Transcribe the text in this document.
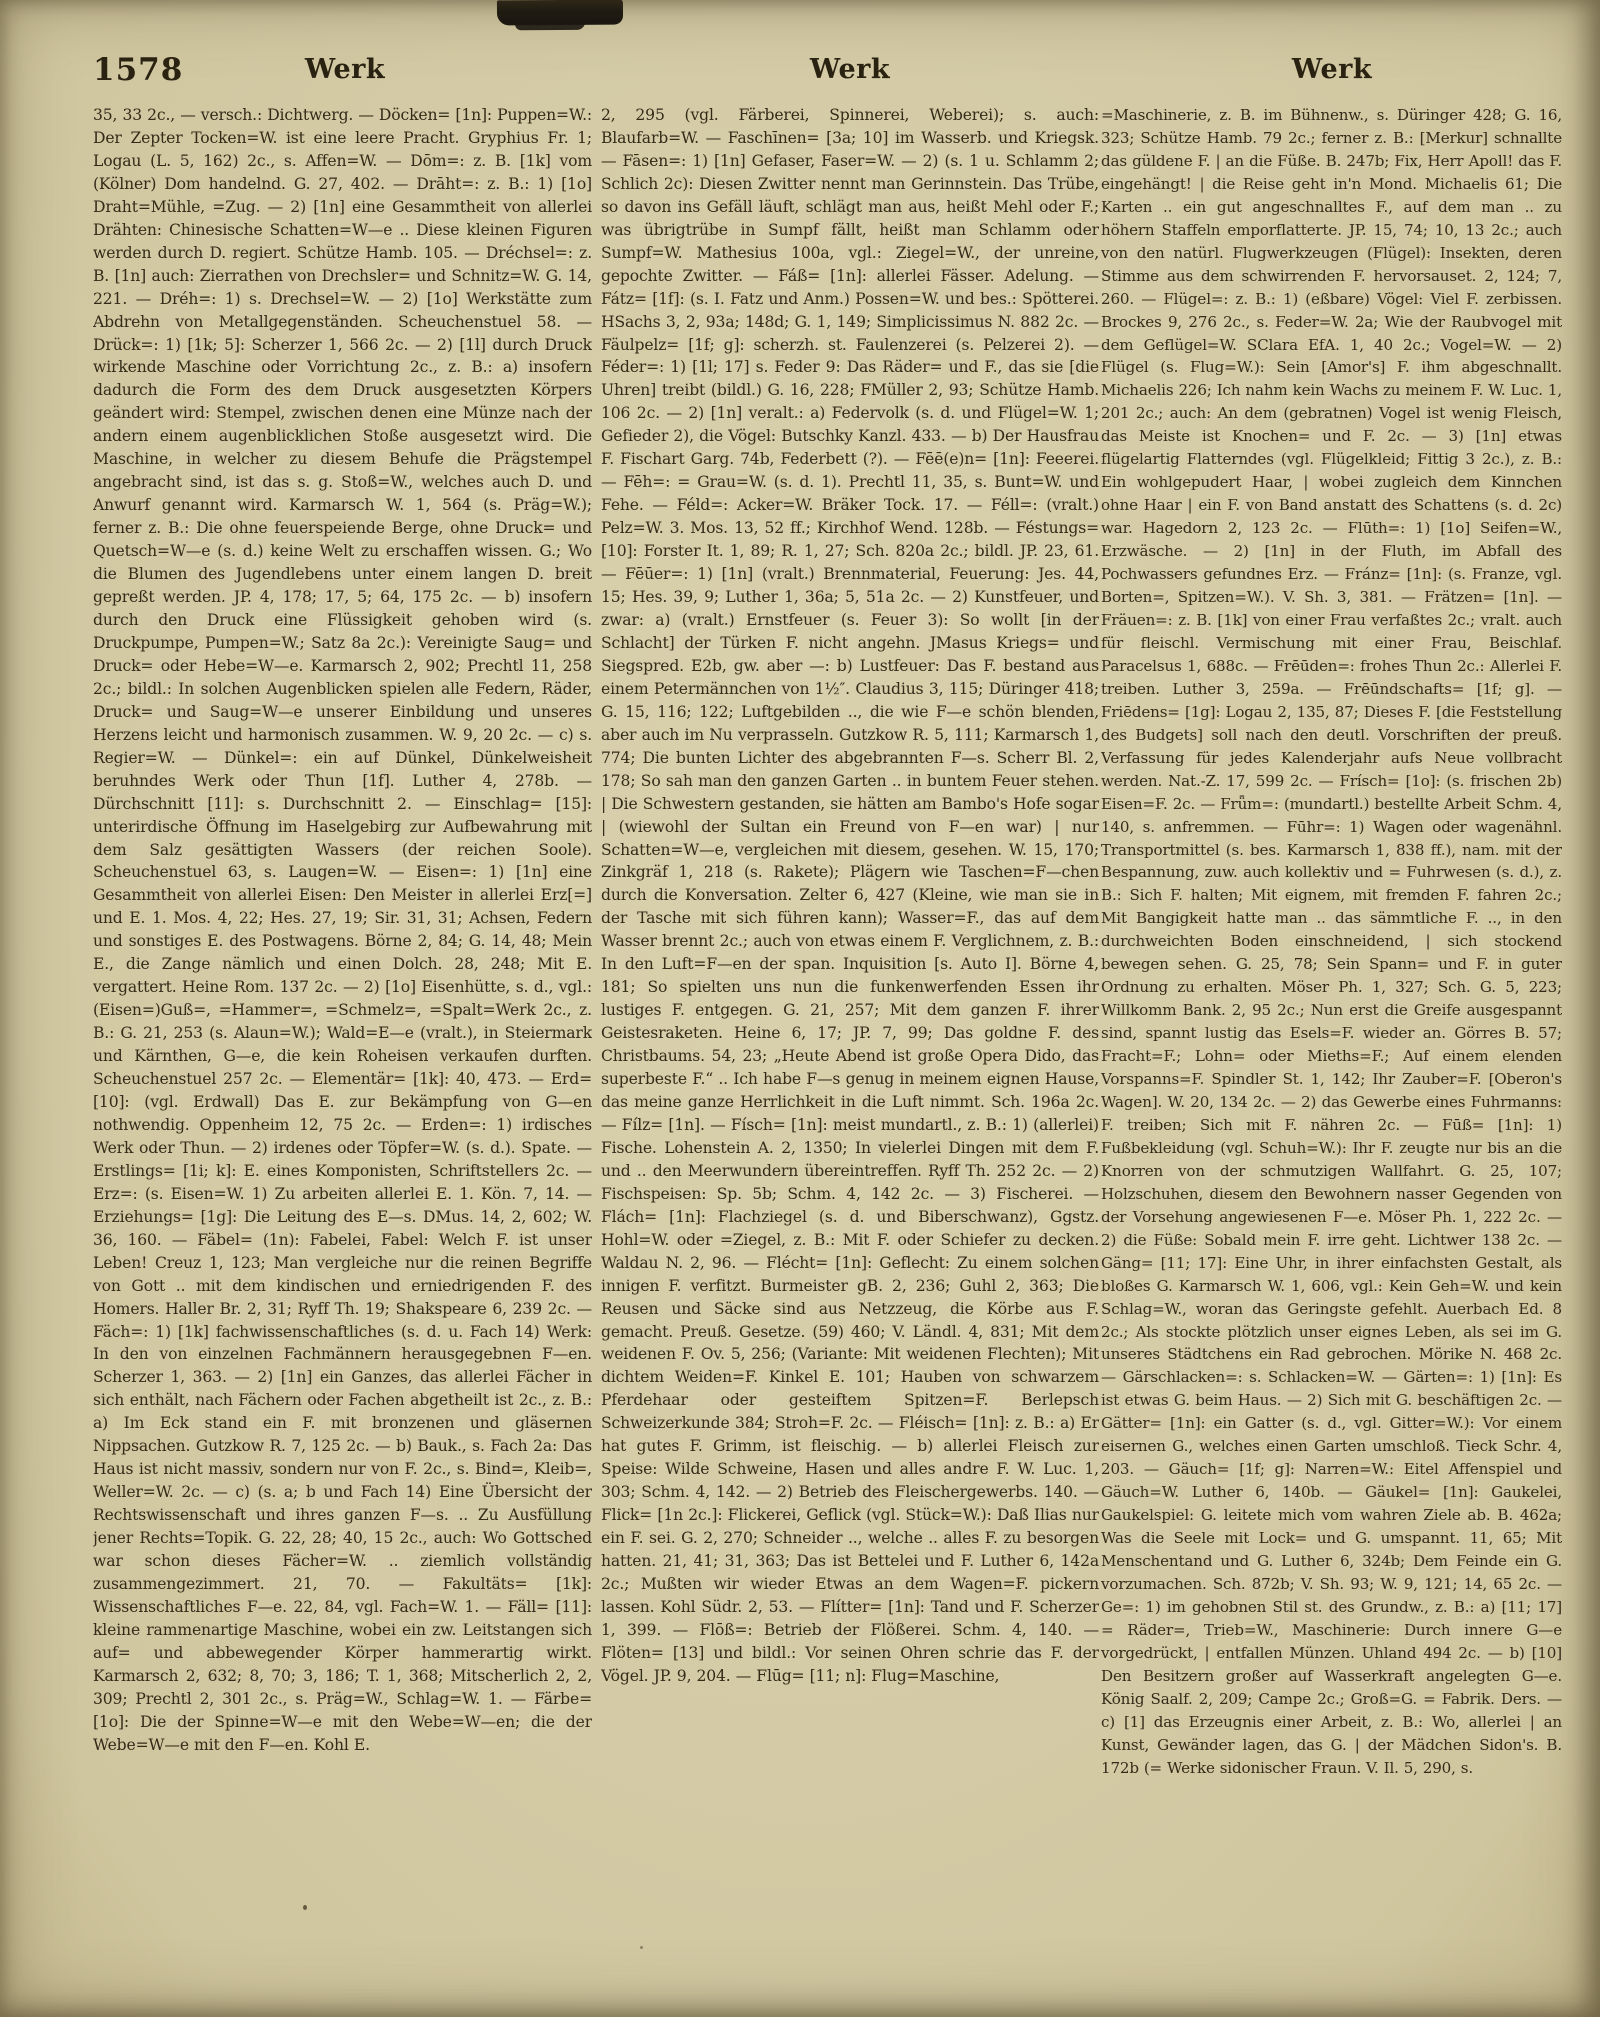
1578	Werk	Werk	Werk
35, 33 2c., — versch.: Dichtwerg. — Döcken= [1n]: Puppen=W.: Der Zepter Tocken=W. ist eine leere Pracht. Gryphius Fr. 1; Logau (L. 5, 162) 2c., s. Affen=W. — Dōm=: z. B. [1k] vom (Kölner) Dom handelnd. G. 27, 402. — Drāht=: z. B.: 1) [1o] Draht=Mühle, =Zug. — 2) [1n] eine Gesammtheit von allerlei Drähten: Chinesische Schatten=W—e .. Diese kleinen Figuren werden durch D. regiert. Schütze Hamb. 105. — Dréchsel=: z. B. [1n] auch: Zierrathen von Drechsler= und Schnitz=W. G. 14, 221. — Dréh=: 1) s. Drechsel=W. — 2) [1o] Werkstätte zum Abdrehn von Metallgegenständen. Scheuchenstuel 58. — Drück=: 1) [1k; 5]: Scherzer 1, 566 2c. — 2) [1l] durch Druck wirkende Maschine oder Vorrichtung 2c., z. B.: a) insofern dadurch die Form des dem Druck ausgesetzten Körpers geändert wird: Stempel, zwischen denen eine Münze nach der andern einem augenblicklichen Stoße ausgesetzt wird. Die Maschine, in welcher zu diesem Behufe die Prägstempel angebracht sind, ist das s. g. Stoß=W., welches auch D. und Anwurf genannt wird. Karmarsch W. 1, 564 (s. Präg=W.); ferner z. B.: Die ohne feuerspeiende Berge, ohne Druck= und Quetsch=W—e (s. d.) keine Welt zu erschaffen wissen. G.; Wo die Blumen des Jugendlebens unter einem langen D. breit gepreßt werden. JP. 4, 178; 17, 5; 64, 175 2c. — b) insofern durch den Druck eine Flüssigkeit gehoben wird (s. Druckpumpe, Pumpen=W.; Satz 8a 2c.): Vereinigte Saug= und Druck= oder Hebe=W—e. Karmarsch 2, 902; Prechtl 11, 258 2c.; bildl.: In solchen Augenblicken spielen alle Federn, Räder, Druck= und Saug=W—e unserer Einbildung und unseres Herzens leicht und harmonisch zusammen. W. 9, 20 2c. — c) s. Regier=W. — Dünkel=: ein auf Dünkel, Dünkelweisheit beruhndes Werk oder Thun [1f]. Luther 4, 278b. — Dürchschnitt [11]: s. Durchschnitt 2. — Einschlag= [15]: unterirdische Öffnung im Haselgebirg zur Aufbewahrung mit dem Salz gesättigten Wassers (der reichen Soole). Scheuchenstuel 63, s. Laugen=W. — Eisen=: 1) [1n] eine Gesammtheit von allerlei Eisen: Den Meister in allerlei Erz[=] und E. 1. Mos. 4, 22; Hes. 27, 19; Sir. 31, 31; Achsen, Federn und sonstiges E. des Postwagens. Börne 2, 84; G. 14, 48; Mein E., die Zange nämlich und einen Dolch. 28, 248; Mit E. vergattert. Heine Rom. 137 2c. — 2) [1o] Eisenhütte, s. d., vgl.: (Eisen=)Guß=, =Hammer=, =Schmelz=, =Spalt=Werk 2c., z. B.: G. 21, 253 (s. Alaun=W.); Wald=E—e (vralt.), in Steiermark und Kärnthen, G—e, die kein Roheisen verkaufen durften. Scheuchenstuel 257 2c. — Elementär= [1k]: 40, 473. — Erd= [10]: (vgl. Erdwall) Das E. zur Bekämpfung von G—en nothwendig. Oppenheim 12, 75 2c. — Erden=: 1) irdisches Werk oder Thun. — 2) irdenes oder Töpfer=W. (s. d.). Spate. — Erstlings= [1i; k]: E. eines Komponisten, Schriftstellers 2c. — Erz=: (s. Eisen=W. 1) Zu arbeiten allerlei E. 1. Kön. 7, 14. — Erziehungs= [1g]: Die Leitung des E—s. DMus. 14, 2, 602; W. 36, 160. — Fäbel= (1n): Fabelei, Fabel: Welch F. ist unser Leben! Creuz 1, 123; Man vergleiche nur die reinen Begriffe von Gott .. mit dem kindischen und erniedrigenden F. des Homers. Haller Br. 2, 31; Ryff Th. 19; Shakspeare 6, 239 2c. — Fäch=: 1) [1k] fachwissenschaftliches (s. d. u. Fach 14) Werk: In den von einzelnen Fachmännern herausgegebnen F—en. Scherzer 1, 363. — 2) [1n] ein Ganzes, das allerlei Fächer in sich enthält, nach Fächern oder Fachen abgetheilt ist 2c., z. B.: a) Im Eck stand ein F. mit bronzenen und gläsernen Nippsachen. Gutzkow R. 7, 125 2c. — b) Bauk., s. Fach 2a: Das Haus ist nicht massiv, sondern nur von F. 2c., s. Bind=, Kleib=, Weller=W. 2c. — c) (s. a; b und Fach 14) Eine Übersicht der Rechtswissenschaft und ihres ganzen F—s. .. Zu Ausfüllung jener Rechts=Topik. G. 22, 28; 40, 15 2c., auch: Wo Gottsched war schon dieses Fächer=W. .. ziemlich vollständig zusammengezimmert. 21, 70. — Fakultäts= [1k]: Wissenschaftliches F—e. 22, 84, vgl. Fach=W. 1. — Fäll= [11]: kleine rammenartige Maschine, wobei ein zw. Leitstangen sich auf= und abbewegender Körper hammerartig wirkt. Karmarsch 2, 632; 8, 70; 3, 186; T. 1, 368; Mitscherlich 2, 2, 309; Prechtl 2, 301 2c., s. Präg=W., Schlag=W. 1. — Färbe= [1o]: Die der Spinne=W—e mit den Webe=W—en; die der Webe=W—e mit den F—en. Kohl E.
2, 295 (vgl. Färberei, Spinnerei, Weberei); s. auch: Blaufarb=W. — Faschīnen= [3a; 10] im Wasserb. und Kriegsk. — Fāsen=: 1) [1n] Gefaser, Faser=W. — 2) (s. 1 u. Schlamm 2; Schlich 2c): Diesen Zwitter nennt man Gerinnstein. Das Trübe, so davon ins Gefäll läuft, schlägt man aus, heißt Mehl oder F.; was übrigtrübe in Sumpf fällt, heißt man Schlamm oder Sumpf=W. Mathesius 100a, vgl.: Ziegel=W., der unreine, gepochte Zwitter. — Fáß= [1n]: allerlei Fässer. Adelung. — Fátz= [1f]: (s. I. Fatz und Anm.) Possen=W. und bes.: Spötterei. HSachs 3, 2, 93a; 148d; G. 1, 149; Simplicissimus N. 882 2c. — Fäulpelz= [1f; g]: scherzh. st. Faulenzerei (s. Pelzerei 2). — Féder=: 1) [1l; 17] s. Feder 9: Das Räder= und F., das sie [die Uhren] treibt (bildl.) G. 16, 228; FMüller 2, 93; Schütze Hamb. 106 2c. — 2) [1n] veralt.: a) Federvolk (s. d. und Flügel=W. 1; Gefieder 2), die Vögel: Butschky Kanzl. 433. — b) Der Hausfrau F. Fischart Garg. 74b, Federbett (?). — Fēē(e)n= [1n]: Feeerei. — Fēh=: = Grau=W. (s. d. 1). Prechtl 11, 35, s. Bunt=W. und Fehe. — Féld=: Acker=W. Bräker Tock. 17. — Féll=: (vralt.) Pelz=W. 3. Mos. 13, 52 ff.; Kirchhof Wend. 128b. — Féstungs= [10]: Forster It. 1, 89; R. 1, 27; Sch. 820a 2c.; bildl. JP. 23, 61. — Fēūer=: 1) [1n] (vralt.) Brennmaterial, Feuerung: Jes. 44, 15; Hes. 39, 9; Luther 1, 36a; 5, 51a 2c. — 2) Kunstfeuer, und zwar: a) (vralt.) Ernstfeuer (s. Feuer 3): So wollt [in der Schlacht] der Türken F. nicht angehn. JMasus Kriegs= und Siegspred. E2b, gw. aber —: b) Lustfeuer: Das F. bestand aus einem Petermännchen von 1½″. Claudius 3, 115; Düringer 418; G. 15, 116; 122; Luftgebilden .., die wie F—e schön blenden, aber auch im Nu verprasseln. Gutzkow R. 5, 111; Karmarsch 1, 774; Die bunten Lichter des abgebrannten F—s. Scherr Bl. 2, 178; So sah man den ganzen Garten .. in buntem Feuer stehen. | Die Schwestern gestanden, sie hätten am Bambo's Hofe sogar | (wiewohl der Sultan ein Freund von F—en war) | nur Schatten=W—e, vergleichen mit diesem, gesehen. W. 15, 170; Zinkgräf 1, 218 (s. Rakete); Plägern wie Taschen=F—chen durch die Konversation. Zelter 6, 427 (Kleine, wie man sie in der Tasche mit sich führen kann); Wasser=F., das auf dem Wasser brennt 2c.; auch von etwas einem F. Verglichnem, z. B.: In den Luft=F—en der span. Inquisition [s. Auto I]. Börne 4, 181; So spielten uns nun die funkenwerfenden Essen ihr lustiges F. entgegen. G. 21, 257; Mit dem ganzen F. ihrer Geistesraketen. Heine 6, 17; JP. 7, 99; Das goldne F. des Christbaums. 54, 23; „Heute Abend ist große Opera Dido, das superbeste F.“ .. Ich habe F—s genug in meinem eignen Hause, das meine ganze Herrlichkeit in die Luft nimmt. Sch. 196a 2c. — Fílz= [1n]. — Físch= [1n]: meist mundartl., z. B.: 1) (allerlei) Fische. Lohenstein A. 2, 1350; In vielerlei Dingen mit dem F. und .. den Meerwundern übereintreffen. Ryff Th. 252 2c. — 2) Fischspeisen: Sp. 5b; Schm. 4, 142 2c. — 3) Fischerei. — Flách= [1n]: Flachziegel (s. d. und Biberschwanz), Ggstz. Hohl=W. oder =Ziegel, z. B.: Mit F. oder Schiefer zu decken. Waldau N. 2, 96. — Flécht= [1n]: Geflecht: Zu einem solchen innigen F. verfitzt. Burmeister gB. 2, 236; Guhl 2, 363; Die Reusen und Säcke sind aus Netzzeug, die Körbe aus F. gemacht. Preuß. Gesetze. (59) 460; V. Ländl. 4, 831; Mit dem weidenen F. Ov. 5, 256; (Variante: Mit weidenen Flechten); Mit dichtem Weiden=F. Kinkel E. 101; Hauben von schwarzem Pferdehaar oder gesteiftem Spitzen=F. Berlepsch Schweizerkunde 384; Stroh=F. 2c. — Fléisch= [1n]: z. B.: a) Er hat gutes F. Grimm, ist fleischig. — b) allerlei Fleisch zur Speise: Wilde Schweine, Hasen und alles andre F. W. Luc. 1, 303; Schm. 4, 142. — 2) Betrieb des Fleischergewerbs. 140. — Flick= [1n 2c.]: Flickerei, Geflick (vgl. Stück=W.): Daß Ilias nur ein F. sei. G. 2, 270; Schneider .., welche .. alles F. zu besorgen hatten. 21, 41; 31, 363; Das ist Bettelei und F. Luther 6, 142a 2c.; Mußten wir wieder Etwas an dem Wagen=F. pickern lassen. Kohl Südr. 2, 53. — Flítter= [1n]: Tand und F. Scherzer 1, 399. — Flōß=: Betrieb der Flößerei. Schm. 4, 140. — Flöten= [13] und bildl.: Vor seinen Ohren schrie das F. der Vögel. JP. 9, 204. — Flūg= [11; n]: Flug=Maschine,
=Maschinerie, z. B. im Bühnenw., s. Düringer 428; G. 16, 323; Schütze Hamb. 79 2c.; ferner z. B.: [Merkur] schnallte das güldene F. | an die Füße. B. 247b; Fix, Herr Apoll! das F. eingehängt! | die Reise geht in'n Mond. Michaelis 61; Die Karten .. ein gut angeschnalltes F., auf dem man .. zu höhern Staffeln emporflatterte. JP. 15, 74; 10, 13 2c.; auch von den natürl. Flugwerkzeugen (Flügel): Insekten, deren Stimme aus dem schwirrenden F. hervorsauset. 2, 124; 7, 260. — Flügel=: z. B.: 1) (eßbare) Vögel: Viel F. zerbissen. Brockes 9, 276 2c., s. Feder=W. 2a; Wie der Raubvogel mit dem Geflügel=W. SClara EfA. 1, 40 2c.; Vogel=W. — 2) Flügel (s. Flug=W.): Sein [Amor's] F. ihm abgeschnallt. Michaelis 226; Ich nahm kein Wachs zu meinem F. W. Luc. 1, 201 2c.; auch: An dem (gebratnen) Vogel ist wenig Fleisch, das Meiste ist Knochen= und F. 2c. — 3) [1n] etwas flügelartig Flatterndes (vgl. Flügelkleid; Fittig 3 2c.), z. B.: Ein wohlgepudert Haar, | wobei zugleich dem Kinnchen ohne Haar | ein F. von Band anstatt des Schattens (s. d. 2c) war. Hagedorn 2, 123 2c. — Flūth=: 1) [1o] Seifen=W., Erzwäsche. — 2) [1n] in der Fluth, im Abfall des Pochwassers gefundnes Erz. — Fránz= [1n]: (s. Franze, vgl. Borten=, Spitzen=W.). V. Sh. 3, 381. — Frätzen= [1n]. — Fräuen=: z. B. [1k] von einer Frau verfaßtes 2c.; vralt. auch für fleischl. Vermischung mit einer Frau, Beischlaf. Paracelsus 1, 688c. — Frēūden=: frohes Thun 2c.: Allerlei F. treiben. Luther 3, 259a. — Frēūndschafts= [1f; g]. — Friēdens= [1g]: Logau 2, 135, 87; Dieses F. [die Feststellung des Budgets] soll nach den deutl. Vorschriften der preuß. Verfassung für jedes Kalenderjahr aufs Neue vollbracht werden. Nat.-Z. 17, 599 2c. — Frísch= [1o]: (s. frischen 2b) Eisen=F. 2c. — Frǖm=: (mundartl.) bestellte Arbeit Schm. 4, 140, s. anfremmen. — Fūhr=: 1) Wagen oder wagenähnl. Transportmittel (s. bes. Karmarsch 1, 838 ff.), nam. mit der Bespannung, zuw. auch kollektiv und = Fuhrwesen (s. d.), z. B.: Sich F. halten; Mit eignem, mit fremden F. fahren 2c.; Mit Bangigkeit hatte man .. das sämmtliche F. .., in den durchweichten Boden einschneidend, | sich stockend bewegen sehen. G. 25, 78; Sein Spann= und F. in guter Ordnung zu erhalten. Möser Ph. 1, 327; Sch. G. 5, 223; Willkomm Bank. 2, 95 2c.; Nun erst die Greife ausgespannt sind, spannt lustig das Esels=F. wieder an. Görres B. 57; Fracht=F.; Lohn= oder Mieths=F.; Auf einem elenden Vorspanns=F. Spindler St. 1, 142; Ihr Zauber=F. [Oberon's Wagen]. W. 20, 134 2c. — 2) das Gewerbe eines Fuhrmanns: F. treiben; Sich mit F. nähren 2c. — Fūß= [1n]: 1) Fußbekleidung (vgl. Schuh=W.): Ihr F. zeugte nur bis an die Knorren von der schmutzigen Wallfahrt. G. 25, 107; Holzschuhen, diesem den Bewohnern nasser Gegenden von der Vorsehung angewiesenen F—e. Möser Ph. 1, 222 2c. — 2) die Füße: Sobald mein F. irre geht. Lichtwer 138 2c. — Gäng= [11; 17]: Eine Uhr, in ihrer einfachsten Gestalt, als bloßes G. Karmarsch W. 1, 606, vgl.: Kein Geh=W. und kein Schlag=W., woran das Geringste gefehlt. Auerbach Ed. 8 2c.; Als stockte plötzlich unser eignes Leben, als sei im G. unseres Städtchens ein Rad gebrochen. Mörike N. 468 2c. — Gärschlacken=: s. Schlacken=W. — Gärten=: 1) [1n]: Es ist etwas G. beim Haus. — 2) Sich mit G. beschäftigen 2c. — Gätter= [1n]: ein Gatter (s. d., vgl. Gitter=W.): Vor einem eisernen G., welches einen Garten umschloß. Tieck Schr. 4, 203. — Gäuch= [1f; g]: Narren=W.: Eitel Affenspiel und Gäuch=W. Luther 6, 140b. — Gäukel= [1n]: Gaukelei, Gaukelspiel: G. leitete mich vom wahren Ziele ab. B. 462a; Was die Seele mit Lock= und G. umspannt. 11, 65; Mit Menschentand und G. Luther 6, 324b; Dem Feinde ein G. vorzumachen. Sch. 872b; V. Sh. 93; W. 9, 121; 14, 65 2c. — Ge=: 1) im gehobnen Stil st. des Grundw., z. B.: a) [11; 17] = Räder=, Trieb=W., Maschinerie: Durch innere G—e vorgedrückt, | entfallen Münzen. Uhland 494 2c. — b) [10] Den Besitzern großer auf Wasserkraft angelegten G—e. König Saalf. 2, 209; Campe 2c.; Groß=G. = Fabrik. Ders. — c) [1] das Erzeugnis einer Arbeit, z. B.: Wo, allerlei | an Kunst, Gewänder lagen, das G. | der Mädchen Sidon's. B. 172b (= Werke sidonischer Fraun. V. Il. 5, 290, s.
